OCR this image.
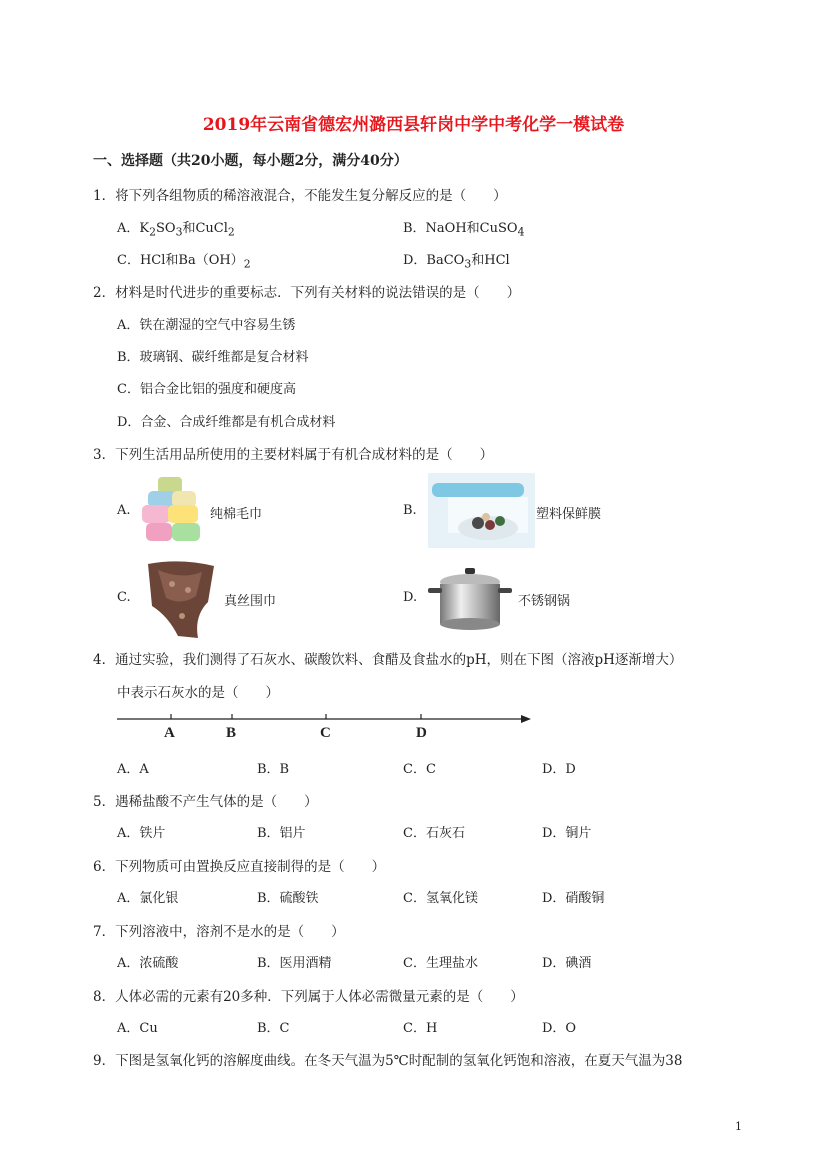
2019年云南省德宏州潞西县轩岗中学中考化学一模试卷
一、选择题（共20小题，每小题2分，满分40分）
1．将下列各组物质的稀溶液混合，不能发生复分解反应的是（　　）
A．$K_2SO_3$和CuCl$_2$	B．NaOH和CuSO$_4$
C．HCl和$Ba(OH)_2$	D．BaCO$_3$和HCl
2．材料是时代进步的重要标志．下列有关材料的说法错误的是（　　）
A．铁在潮湿的空气中容易生锈
B．玻璃钢、碳纤维都是复合材料
C．铝合金比铝的强度和硬度高
D．合金、合成纤维都是有机合成材料
3．下列生活用品所使用的主要材料属于有机合成材料的是（　　）
A.	纯棉毛巾	B.	塑料保鲜膜
C.	真丝围巾	D.	不锈钢锅
4．通过实验，我们测得了石灰水、碳酸饮料、食醋及食盐水的pH，则在下图（溶液pH逐渐增大）
中表示石灰水的是（　　）
A	B	C	D
A．A	B．B	C．C	D．D
5．遇稀盐酸不产生气体的是（　　）
A．铁片	B．铝片	C．石灰石	D．铜片
6．下列物质可由置换反应直接制得的是（　　）
A．氯化银	B．硫酸铁	C．氢氧化镁	D．硝酸铜
7．下列溶液中，溶剂不是水的是（　　）
A．浓硫酸	B．医用酒精	C．生理盐水	D．碘酒
8．人体必需的元素有20多种．下列属于人体必需微量元素的是（　　）
A．Cu	B．C	C．H	D．O
9．下图是氢氧化钙的溶解度曲线。在冬天气温为5℃时配制的氢氧化钙饱和溶液，在夏天气温为38
1
